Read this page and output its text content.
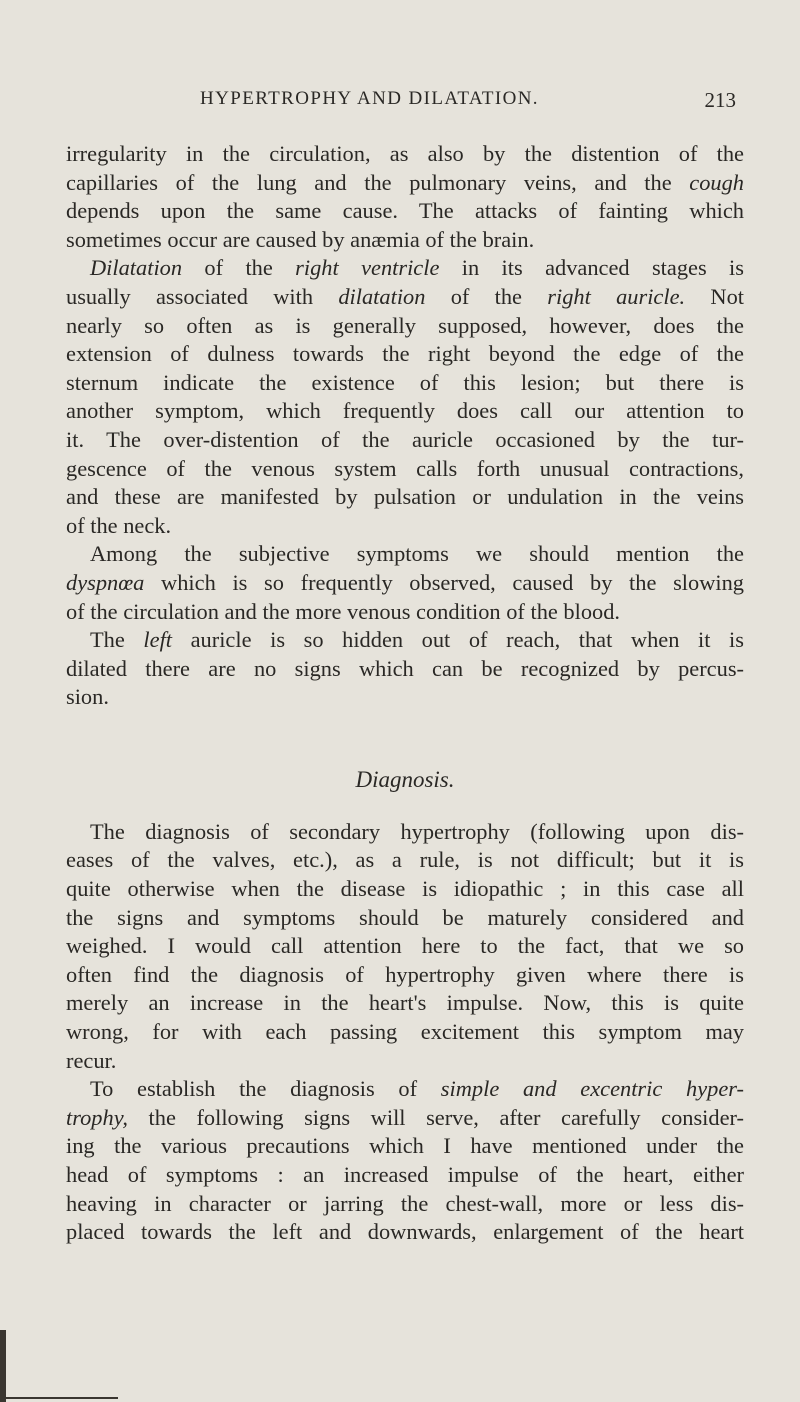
HYPERTROPHY AND DILATATION.	213
irregularity in the circulation, as also by the distention of the
capillaries of the lung and the pulmonary veins, and the cough
depends upon the same cause. The attacks of fainting which
sometimes occur are caused by anæmia of the brain.
Dilatation of the right ventricle in its advanced stages is
usually associated with dilatation of the right auricle. Not
nearly so often as is generally supposed, however, does the
extension of dulness towards the right beyond the edge of the
sternum indicate the existence of this lesion; but there is
another symptom, which frequently does call our attention to
it. The over-distention of the auricle occasioned by the tur-
gescence of the venous system calls forth unusual contractions,
and these are manifested by pulsation or undulation in the veins
of the neck.
Among the subjective symptoms we should mention the
dyspnœa which is so frequently observed, caused by the slowing
of the circulation and the more venous condition of the blood.
The left auricle is so hidden out of reach, that when it is
dilated there are no signs which can be recognized by percus-
sion.
Diagnosis.
The diagnosis of secondary hypertrophy (following upon dis-
eases of the valves, etc.), as a rule, is not difficult; but it is
quite otherwise when the disease is idiopathic ; in this case all
the signs and symptoms should be maturely considered and
weighed. I would call attention here to the fact, that we so
often find the diagnosis of hypertrophy given where there is
merely an increase in the heart's impulse. Now, this is quite
wrong, for with each passing excitement this symptom may
recur.
To establish the diagnosis of simple and excentric hyper-
trophy, the following signs will serve, after carefully consider-
ing the various precautions which I have mentioned under the
head of symptoms : an increased impulse of the heart, either
heaving in character or jarring the chest-wall, more or less dis-
placed towards the left and downwards, enlargement of the heart
